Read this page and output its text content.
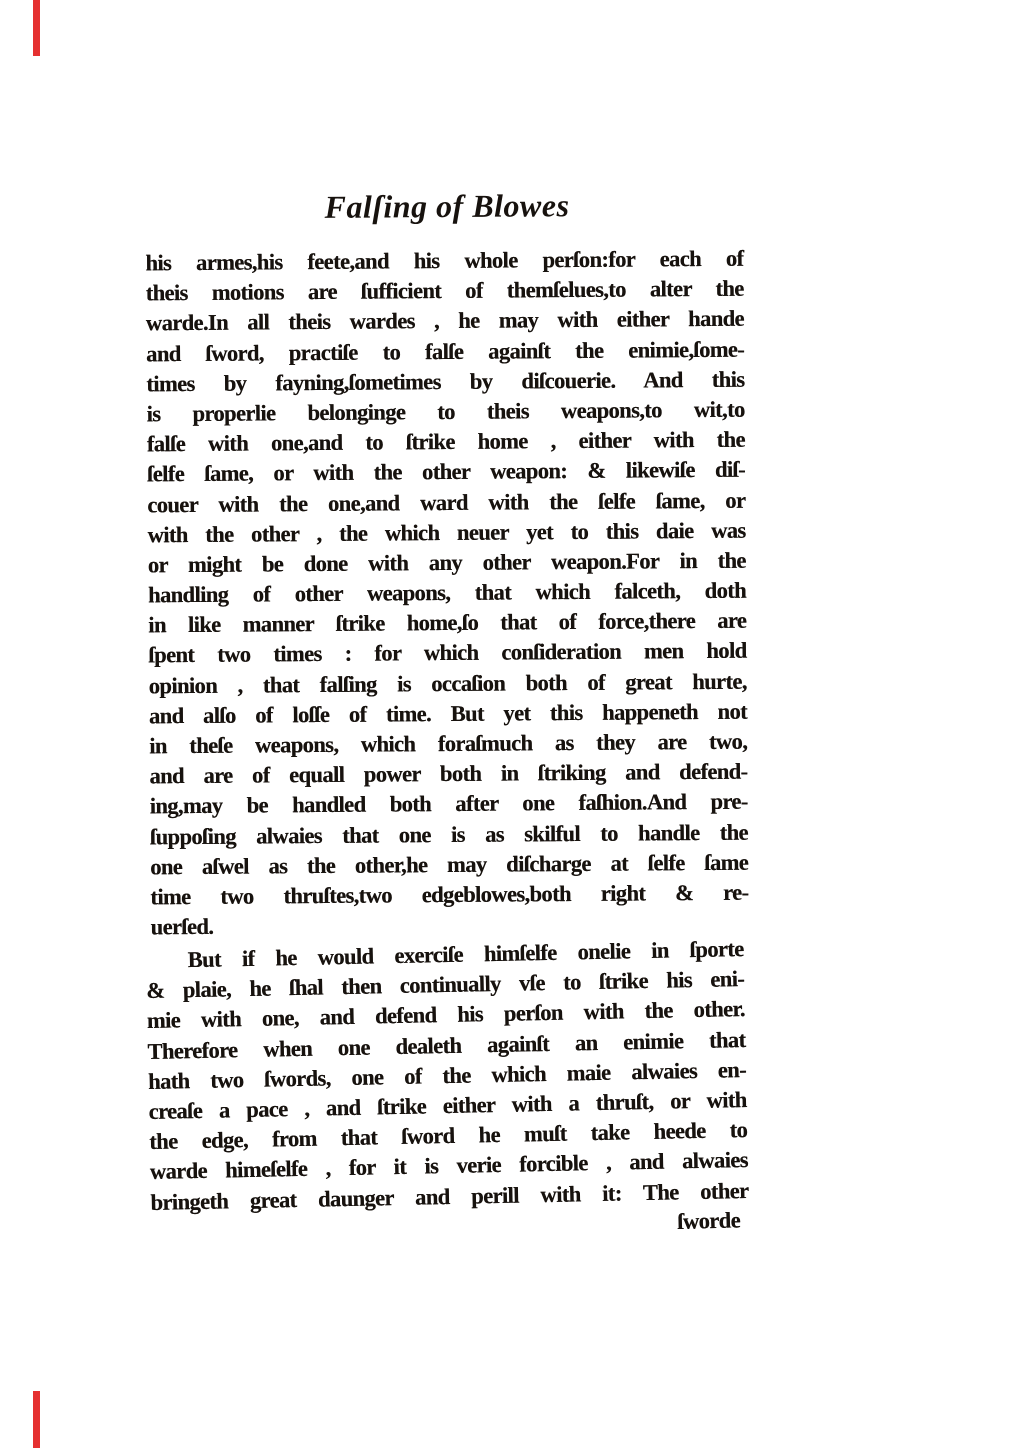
Falſing of Blowes
his armes,his feete,and his whole perſon:for each of
theis motions are ſufficient of themſelues,to alter the
warde.In all theis wardes , he may with either hande
and ſword, practiſe to falſe againſt the enimie,ſome-
times by fayning,ſometimes by diſcouerie. And this
is properlie belonginge to theis weapons,to wit,to
falſe with one,and to ſtrike home , either with the
ſelfe ſame, or with the other weapon: & likewiſe diſ-
couer with the one,and ward with the ſelfe ſame, or
with the other , the which neuer yet to this daie was
or might be done with any other weapon.For in the
handling of other weapons, that which falceth, doth
in like manner ſtrike home,ſo that of force,there are
ſpent two times : for which conſideration men hold
opinion , that falſing is occaſion both of great hurte,
and alſo of loſſe of time. But yet this happeneth not
in theſe weapons, which foraſmuch as they are two,
and are of equall power both in ſtriking and defend-
ing,may be handled both after one faſhion.And pre-
ſuppoſing alwaies that one is as skilful to handle the
one aſwel as the other,he may diſcharge at ſelfe ſame
time two thruſtes,two edgeblowes,both right & re-
uerſed.
But if he would exerciſe himſelfe onelie in ſporte
& plaie, he ſhal then continually vſe to ſtrike his eni-
mie with one, and defend his perſon with the other.
Therefore when one dealeth againſt an enimie that
hath two ſwords, one of the which maie alwaies en-
creaſe a pace , and ſtrike either with a thruſt, or with
the edge, from that ſword he muſt take heede to
warde himeſelfe , for it is verie forcible , and alwaies
bringeth great daunger and perill with it: The other
ſworde
